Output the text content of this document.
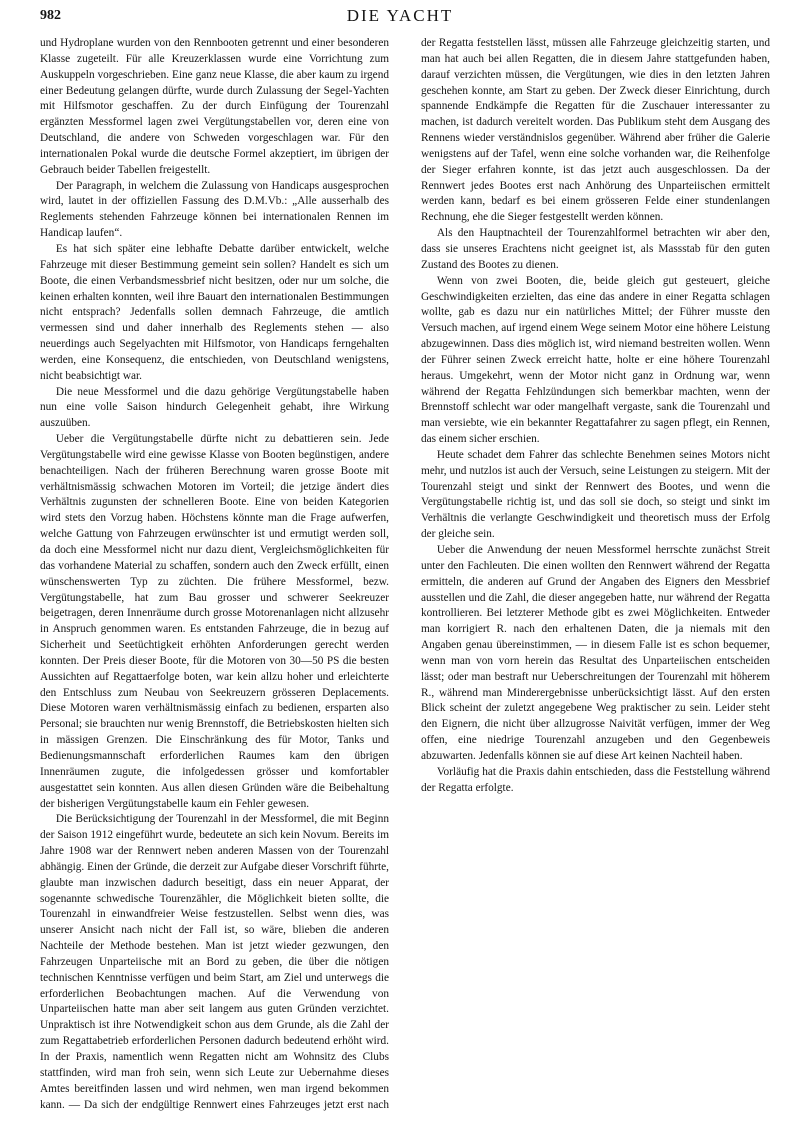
982	DIE YACHT

und Hydroplane wurden von den Rennbooten getrennt und einer besonderen Klasse zugeteilt. Für alle Kreuzerklassen wurde eine Vorrichtung zum Auskuppeln vorgeschrieben. Eine ganz neue Klasse, die aber kaum zu irgend einer Bedeutung gelangen dürfte, wurde durch Zulassung der Segel-Yachten mit Hilfsmotor geschaffen. Zu der durch Einfügung der Tourenzahl ergänzten Messformel lagen zwei Vergütungstabellen vor, deren eine von Deutschland, die andere von Schweden vorgeschlagen war. Für den internationalen Pokal wurde die deutsche Formel akzeptiert, im übrigen der Gebrauch beider Tabellen freigestellt.

Der Paragraph, in welchem die Zulassung von Handicaps ausgesprochen wird, lautet in der offiziellen Fassung des D.M.Vb.: „Alle ausserhalb des Reglements stehenden Fahrzeuge können bei internationalen Rennen im Handicap laufen“.

Es hat sich später eine lebhafte Debatte darüber entwickelt, welche Fahrzeuge mit dieser Bestimmung gemeint sein sollen? Handelt es sich um Boote, die einen Verbandsmessbrief nicht besitzen, oder nur um solche, die keinen erhalten konnten, weil ihre Bauart den internationalen Bestimmungen nicht entsprach? Jedenfalls sollen demnach Fahrzeuge, die amtlich vermessen sind und daher innerhalb des Reglements stehen — also neuerdings auch Segelyachten mit Hilfsmotor, von Handicaps ferngehalten werden, eine Konsequenz, die entschieden, von Deutschland wenigstens, nicht beabsichtigt war.

Die neue Messformel und die dazu gehörige Vergütungstabelle haben nun eine volle Saison hindurch Gelegenheit gehabt, ihre Wirkung auszuüben.

Ueber die Vergütungstabelle dürfte nicht zu debattieren sein. Jede Vergütungstabelle wird eine gewisse Klasse von Booten begünstigen, andere benachteiligen. Nach der früheren Berechnung waren grosse Boote mit verhältnismässig schwachen Motoren im Vorteil; die jetzige ändert dies Verhältnis zugunsten der schnelleren Boote. Eine von beiden Kategorien wird stets den Vorzug haben. Höchstens könnte man die Frage aufwerfen, welche Gattung von Fahrzeugen erwünschter ist und ermutigt werden soll, da doch eine Messformel nicht nur dazu dient, Vergleichsmöglichkeiten für das vorhandene Material zu schaffen, sondern auch den Zweck erfüllt, einen wünschenswerten Typ zu züchten. Die frühere Messformel, bezw. Vergütungstabelle, hat zum Bau grosser und schwerer Seekreuzer beigetragen, deren Innenräume durch grosse Motorenanlagen nicht allzusehr in Anspruch genommen waren. Es entstanden Fahrzeuge, die in bezug auf Sicherheit und Seetüchtigkeit erhöhten Anforderungen gerecht werden konnten. Der Preis dieser Boote, für die Motoren von 30—50 PS die besten Aussichten auf Regattaerfolge boten, war kein allzu hoher und erleichterte den Entschluss zum Neubau von Seekreuzern grösseren Deplacements. Diese Motoren waren verhältnismässig einfach zu bedienen, ersparten also Personal; sie brauchten nur wenig Brennstoff, die Betriebskosten hielten sich in mässigen Grenzen. Die Einschränkung des für Motor, Tanks und Bedienungsmannschaft erforderlichen Raumes kam den übrigen Innenräumen zugute, die infolgedessen grösser und komfortabler ausgestattet sein konnten. Aus allen diesen Gründen wäre die Beibehaltung der bisherigen Vergütungstabelle kaum ein Fehler gewesen.

Die Berücksichtigung der Tourenzahl in der Messformel, die mit Beginn der Saison 1912 eingeführt wurde, bedeutete an sich kein Novum. Bereits im Jahre 1908 war der Rennwert neben anderen Massen von der Tourenzahl abhängig. Einen der Gründe, die derzeit zur Aufgabe dieser Vorschrift führte, glaubte man inzwischen dadurch beseitigt, dass ein neuer Apparat, der sogenannte schwedische Tourenzähler, die Möglichkeit bieten sollte, die Tourenzahl in einwandfreier Weise festzustellen. Selbst wenn dies, was unserer Ansicht nach nicht der Fall ist, so wäre, blieben die anderen Nachteile der Methode bestehen. Man ist jetzt wieder gezwungen, den Fahrzeugen Unparteiische mit an Bord zu geben, die über die nötigen technischen Kenntnisse verfügen und beim Start, am Ziel und unterwegs die erforderlichen Beobachtungen machen. Auf die Verwendung von Unparteiischen hatte man aber seit langem aus guten Gründen verzichtet. Unpraktisch ist ihre Notwendigkeit schon aus dem Grunde, als die Zahl der zum Regattabetrieb erforderlichen Personen dadurch bedeutend erhöht wird. In der Praxis, namentlich wenn Regatten nicht am Wohnsitz des Clubs stattfinden, wird man froh sein, wenn sich Leute zur Uebernahme dieses Amtes bereitfinden lassen und wird nehmen, wen man irgend bekommen kann. — Da sich der endgültige Rennwert eines Fahrzeuges jetzt erst nach der Regatta feststellen lässt, müssen alle Fahrzeuge gleichzeitig starten, und man hat auch bei allen Regatten, die in diesem Jahre stattgefunden haben, darauf verzichten müssen, die Vergütungen, wie dies in den letzten Jahren geschehen konnte, am Start zu geben. Der Zweck dieser Einrichtung, durch spannende Endkämpfe die Regatten für die Zuschauer interessanter zu machen, ist dadurch vereitelt worden. Das Publikum steht dem Ausgang des Rennens wieder verständnislos gegenüber. Während aber früher die Galerie wenigstens auf der Tafel, wenn eine solche vorhanden war, die Reihenfolge der Sieger erfahren konnte, ist das jetzt auch ausgeschlossen. Da der Rennwert jedes Bootes erst nach Anhörung des Unparteiischen ermittelt werden kann, bedarf es bei einem grösseren Felde einer stundenlangen Rechnung, ehe die Sieger festgestellt werden können.

Als den Hauptnachteil der Tourenzahlformel betrachten wir aber den, dass sie unseres Erachtens nicht geeignet ist, als Massstab für den guten Zustand des Bootes zu dienen.

Wenn von zwei Booten, die, beide gleich gut gesteuert, gleiche Geschwindigkeiten erzielten, das eine das andere in einer Regatta schlagen wollte, gab es dazu nur ein natürliches Mittel; der Führer musste den Versuch machen, auf irgend einem Wege seinem Motor eine höhere Leistung abzugewinnen. Dass dies möglich ist, wird niemand bestreiten wollen. Wenn der Führer seinen Zweck erreicht hatte, holte er eine höhere Tourenzahl heraus. Umgekehrt, wenn der Motor nicht ganz in Ordnung war, wenn während der Regatta Fehlzündungen sich bemerkbar machten, wenn der Brennstoff schlecht war oder mangelhaft vergaste, sank die Tourenzahl und man versiebte, wie ein bekannter Regattafahrer zu sagen pflegt, ein Rennen, das einem sicher erschien.

Heute schadet dem Fahrer das schlechte Benehmen seines Motors nicht mehr, und nutzlos ist auch der Versuch, seine Leistungen zu steigern. Mit der Tourenzahl steigt und sinkt der Rennwert des Bootes, und wenn die Vergütungstabelle richtig ist, und das soll sie doch, so steigt und sinkt im Verhältnis die verlangte Geschwindigkeit und theoretisch muss der Erfolg der gleiche sein.

Ueber die Anwendung der neuen Messformel herrschte zunächst Streit unter den Fachleuten. Die einen wollten den Rennwert während der Regatta ermitteln, die anderen auf Grund der Angaben des Eigners den Messbrief ausstellen und die Zahl, die dieser angegeben hatte, nur während der Regatta kontrollieren. Bei letzterer Methode gibt es zwei Möglichkeiten. Entweder man korrigiert R. nach den erhaltenen Daten, die ja niemals mit den Angaben genau übereinstimmen, — in diesem Falle ist es schon bequemer, wenn man von vorn herein das Resultat des Unparteiischen entscheiden lässt; oder man bestraft nur Ueberschreitungen der Tourenzahl mit höherem R., während man Minderergebnisse unberücksichtigt lässt. Auf den ersten Blick scheint der zuletzt angegebene Weg praktischer zu sein. Leider steht den Eignern, die nicht über allzugrosse Naivität verfügen, immer der Weg offen, eine niedrige Tourenzahl anzugeben und den Gegenbeweis abzuwarten. Jedenfalls können sie auf diese Art keinen Nachteil haben.

Vorläufig hat die Praxis dahin entschieden, dass die Feststellung während der Regatta erfolgte.
